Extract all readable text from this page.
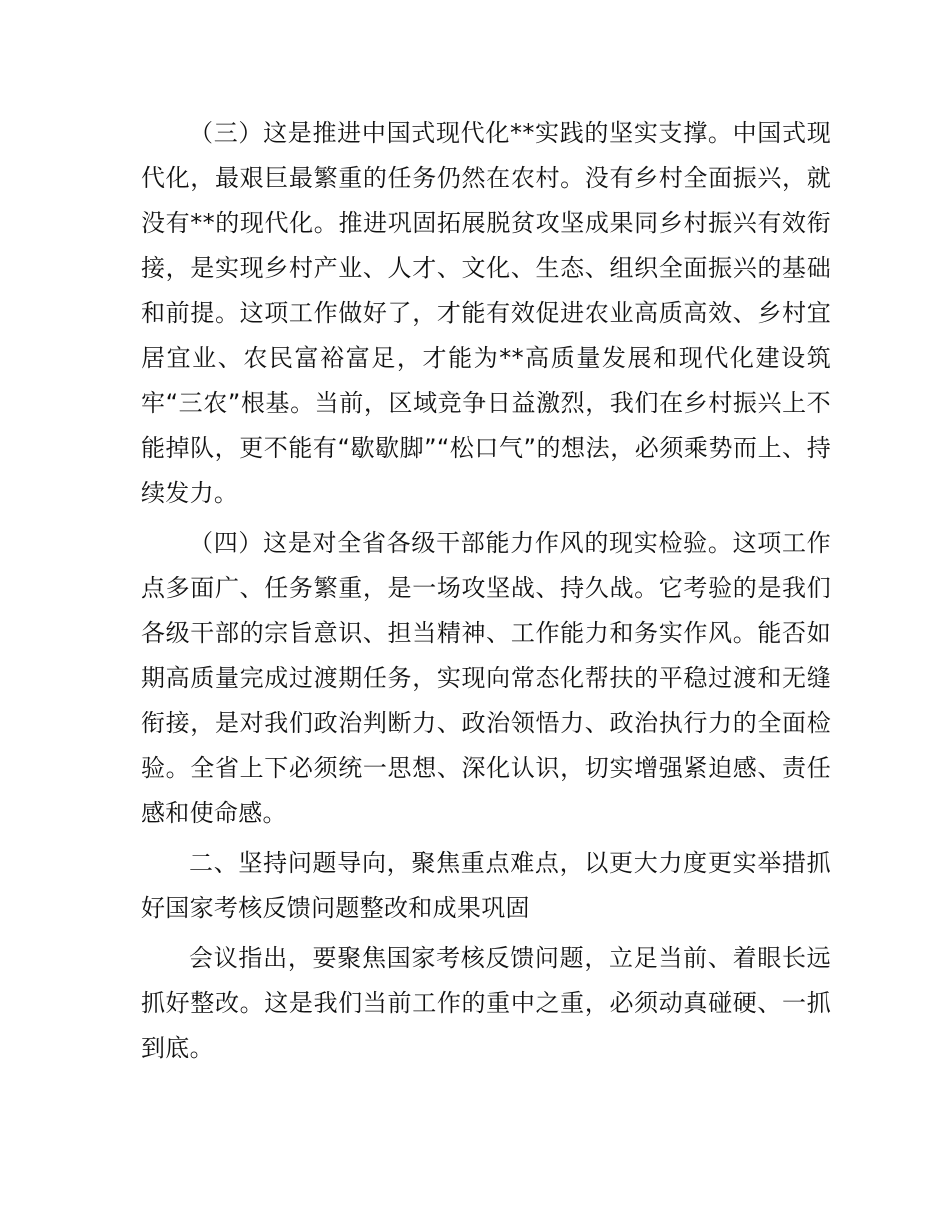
（三）这是推进中国式现代化**实践的坚实支撑。中国式现代化，最艰巨最繁重的任务仍然在农村。没有乡村全面振兴，就没有**的现代化。推进巩固拓展脱贫攻坚成果同乡村振兴有效衔接，是实现乡村产业、人才、文化、生态、组织全面振兴的基础和前提。这项工作做好了，才能有效促进农业高质高效、乡村宜居宜业、农民富裕富足，才能为**高质量发展和现代化建设筑牢“三农”根基。当前，区域竞争日益激烈，我们在乡村振兴上不能掉队，更不能有“歇歇脚”“松口气”的想法，必须乘势而上、持续发力。

（四）这是对全省各级干部能力作风的现实检验。这项工作点多面广、任务繁重，是一场攻坚战、持久战。它考验的是我们各级干部的宗旨意识、担当精神、工作能力和务实作风。能否如期高质量完成过渡期任务，实现向常态化帮扶的平稳过渡和无缝衔接，是对我们政治判断力、政治领悟力、政治执行力的全面检验。全省上下必须统一思想、深化认识，切实增强紧迫感、责任感和使命感。

二、坚持问题导向，聚焦重点难点，以更大力度更实举措抓好国家考核反馈问题整改和成果巩固

会议指出，要聚焦国家考核反馈问题，立足当前、着眼长远抓好整改。这是我们当前工作的重中之重，必须动真碰硬、一抓到底。
